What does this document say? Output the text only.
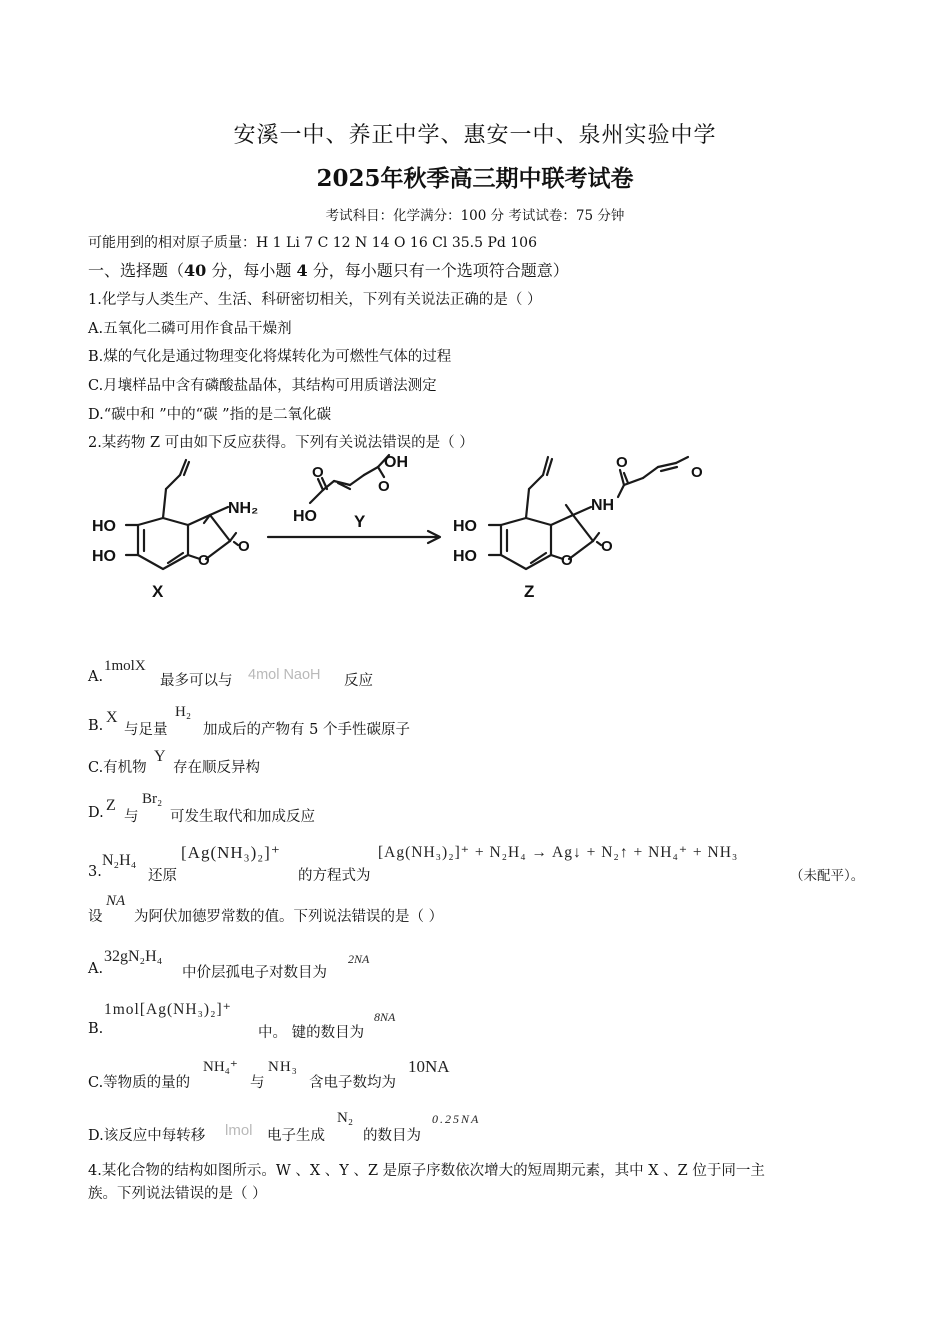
安溪一中、养正中学、惠安一中、泉州实验中学
2025年秋季高三期中联考试卷
考试科目：化学满分：100 分 考试试卷：75 分钟
可能用到的相对原子质量：H 1 Li 7 C 12 N 14 O 16 Cl 35.5 Pd 106
一、选择题（40 分，每小题 4 分，每小题只有一个选项符合题意）
1.化学与人类生产、生活、科研密切相关，下列有关说法正确的是（ ）
A.五氧化二磷可用作食品干燥剂
B.煤的气化是通过物理变化将煤转化为可燃性气体的过程
C.月壤样品中含有磷酸盐晶体，其结构可用质谱法测定
D.“碳中和 ”中的“碳 ”指的是二氧化碳
2.某药物 Z 可由如下反应获得。下列有关说法错误的是（ ）
HO
HO
NH₂
O
O
X
HO
OH
O
O
Y	HO
HO
NH
O
O
O
O
Z
A.
1molX
最多可以与 4mol NaoH 反应
B. X
与足量
H₂
加成后的产物有 5 个手性碳原子
C.有机物
Y
存在顺反异构
D. Z
与
Br₂
可发生取代和加成反应
3.
N₂H₄
还原
[Ag(NH₃)₂]⁺
的方程式为
[Ag(NH₃)₂]⁺ + N₂H₄ → Ag↓ + N₂↑ + NH₄⁺ + NH₃
（未配平）。
设
NA
为阿伏加德罗常数的值。下列说法错误的是（ ）
A.
32gN₂H₄
中价层孤电子对数目为
2NA
B.
1mol[Ag(NH₃)₂]⁺
中。 键的数目为
8NA
C.等物质的量的
NH₄⁺
与
NH₃
含电子数均为
10NA
D.该反应中每转移 lmol 电子生成
N₂
的数目为
0.25NA
4.某化合物的结构如图所示。W 、X 、Y 、Z 是原子序数依次增大的短周期元素，其中 X 、Z 位于同一主
族。下列说法错误的是（ ）
